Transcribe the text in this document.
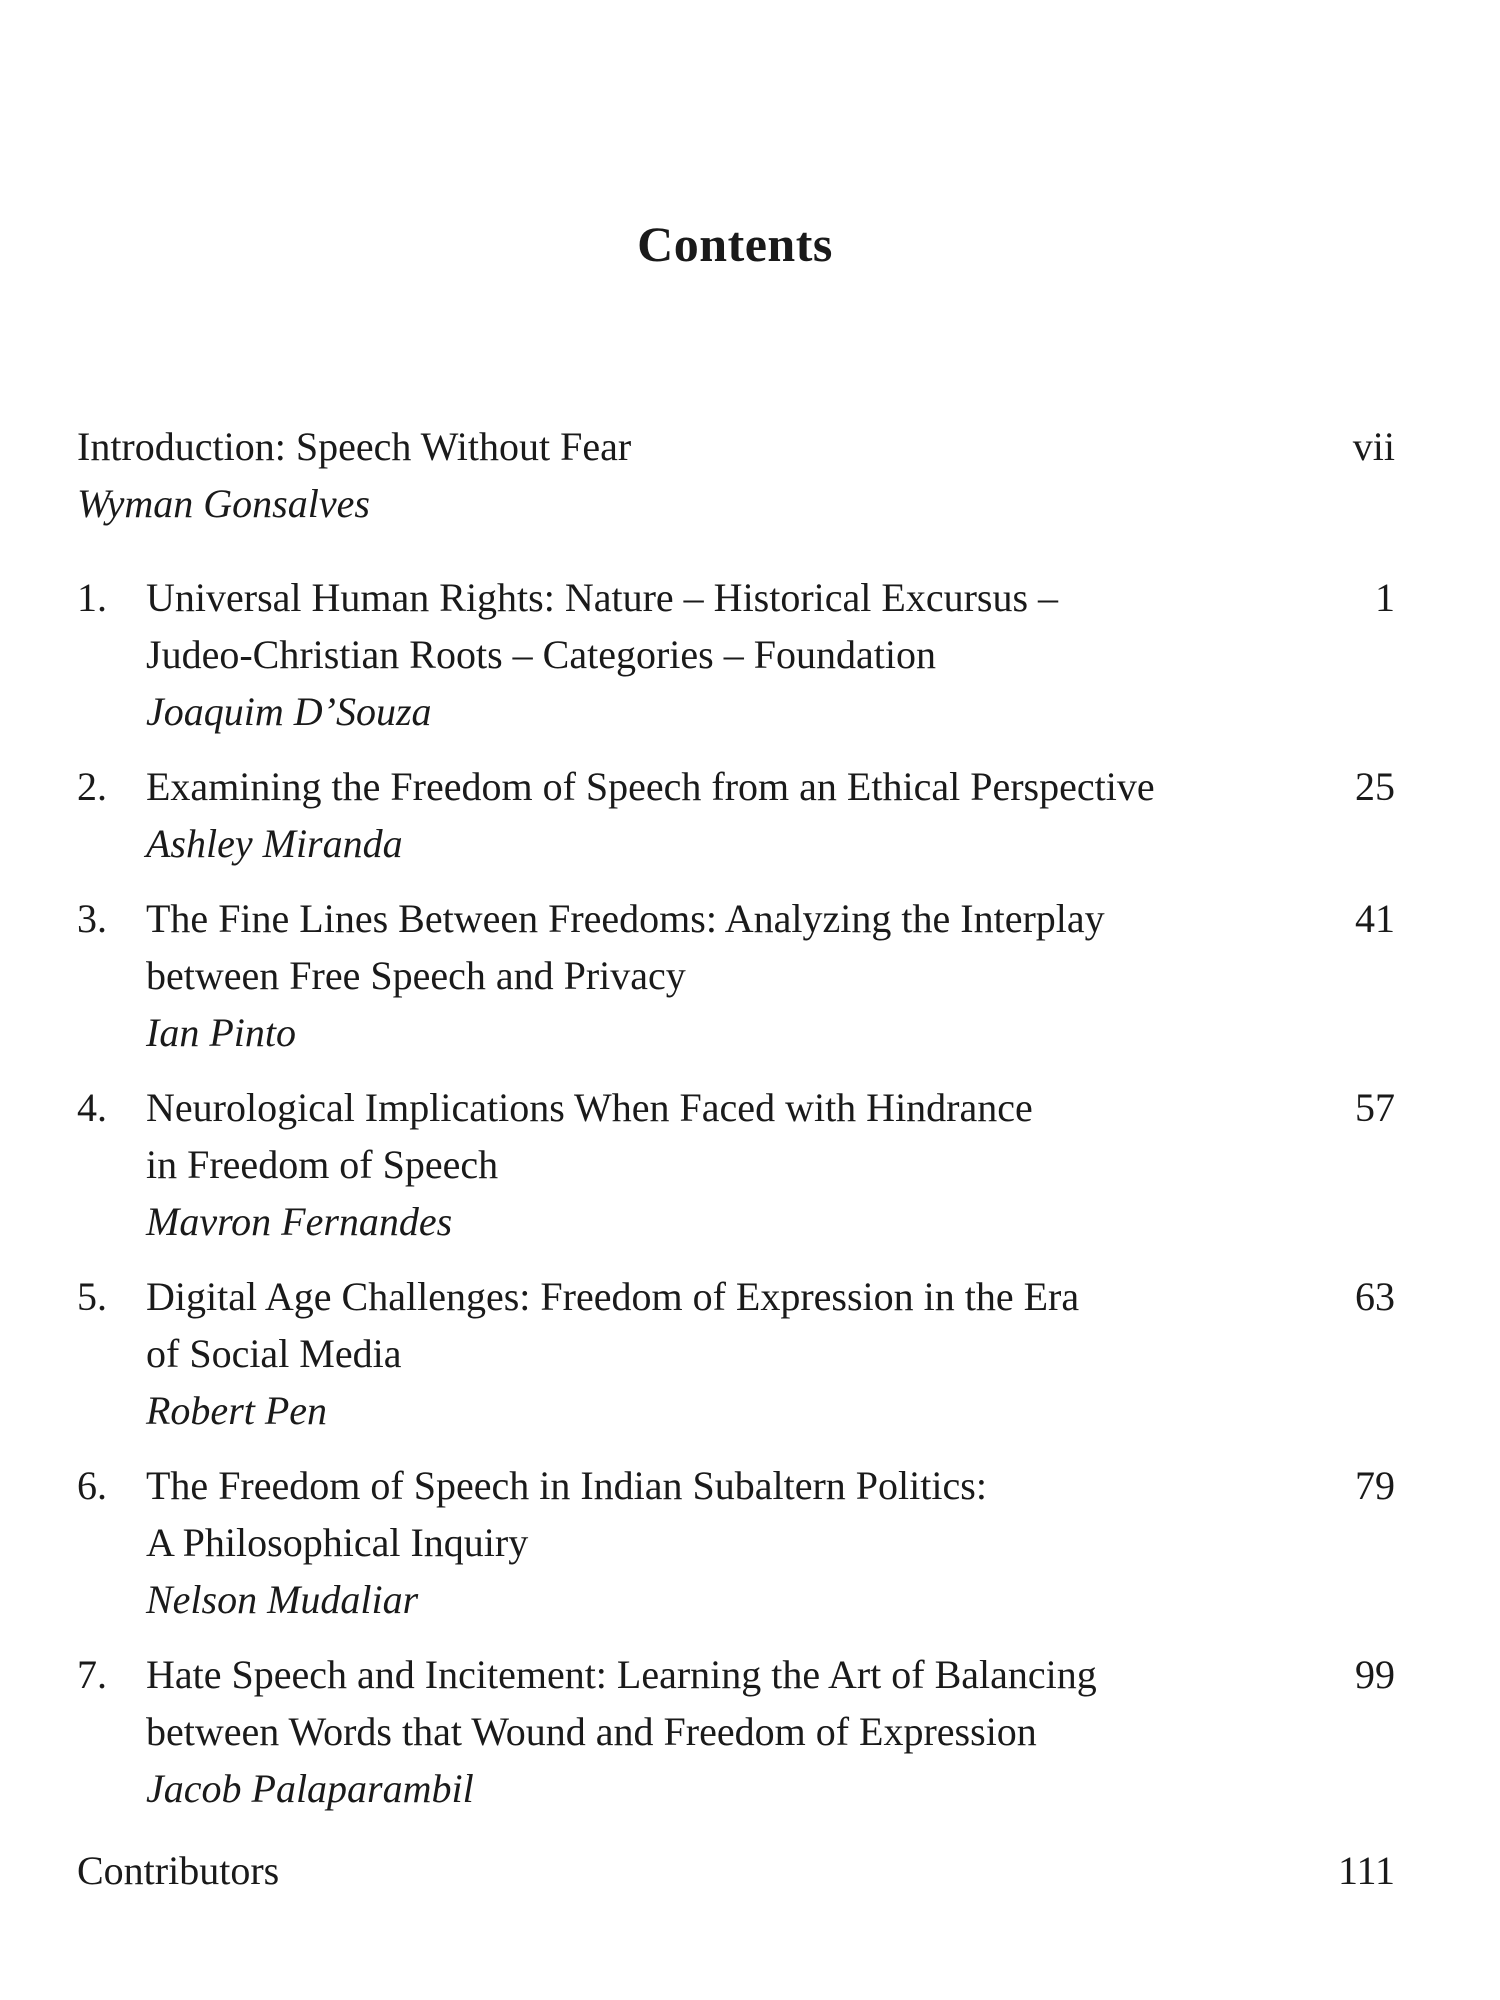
Contents
Introduction: Speech Without Fear
Wyman Gonsalves
vii
1. Universal Human Rights: Nature – Historical Excursus –
Judeo-Christian Roots – Categories – Foundation
Joaquim D’Souza
1
2. Examining the Freedom of Speech from an Ethical Perspective
Ashley Miranda
25
3. The Fine Lines Between Freedoms: Analyzing the Interplay
between Free Speech and Privacy
Ian Pinto
41
4. Neurological Implications When Faced with Hindrance
in Freedom of Speech
Mavron Fernandes
57
5. Digital Age Challenges: Freedom of Expression in the Era
of Social Media
Robert Pen
63
6. The Freedom of Speech in Indian Subaltern Politics:
A Philosophical Inquiry
Nelson Mudaliar
79
7. Hate Speech and Incitement: Learning the Art of Balancing
between Words that Wound and Freedom of Expression
Jacob Palaparambil
99
Contributors	111
